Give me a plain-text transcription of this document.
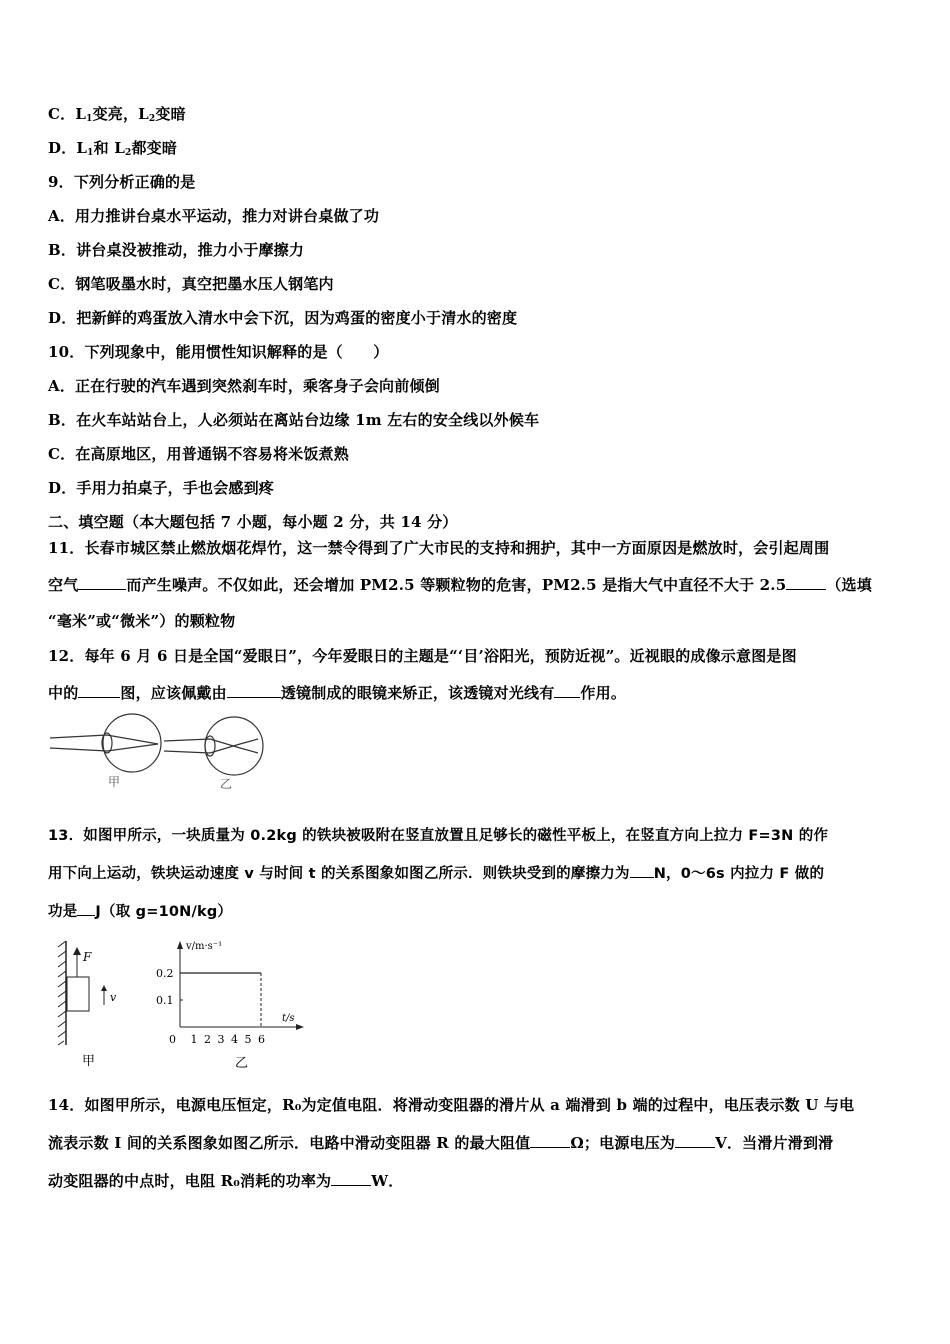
C．$L_1$变亮，$L_2$变暗
D．$L_1$和 $L_2$都变暗
9．下列分析正确的是
A．用力推讲台桌水平运动，推力对讲台桌做了功
B．讲台桌没被推动，推力小于摩擦力
C．钢笔吸墨水时，真空把墨水压人钢笔内
D．把新鲜的鸡蛋放入清水中会下沉，因为鸡蛋的密度小于清水的密度
10．下列现象中，能用惯性知识解释的是（　　）
A．正在行驶的汽车遇到突然刹车时，乘客身子会向前倾倒
B．在火车站站台上，人必须站在离站台边缘 1m 左右的安全线以外候车
C．在高原地区，用普通锅不容易将米饭煮熟
D．手用力拍桌子，手也会感到疼
二、填空题（本大题包括 7 小题，每小题 2 分，共 14 分）
11．长春市城区禁止燃放烟花焊竹，这一禁令得到了广大市民的支持和拥护，其中一方面原因是燃放时，会引起周围
空气	而产生噪声。不仅如此，还会增加 PM2.5 等颗粒物的危害，PM2.5 是指大气中直径不大于 2.5	（选填
“毫米”或“微米”）的颗粒物
12．每年 6 月 6 日是全国“爱眼日”，今年爱眼日的主题是“‘目’浴阳光，预防近视”。近视眼的成像示意图是图
中的	图，应该佩戴由	透镜制成的眼镜来矫正，该透镜对光线有 作用。
甲	乙
13．如图甲所示，一块质量为 0.2kg 的铁块被吸附在竖直放置且足够长的磁性平板上，在竖直方向上拉力 F=3N 的作
用下向上运动，铁块运动速度 v 与时间 t 的关系图象如图乙所示．则铁块受到的摩擦力为 N，0～6s 内拉力 F 做的
功是 J（取 g=10N/kg）
F
v
甲
v/m·s⁻¹
t/s
乙
0 1 2 3 4 5 6
0.1
0.2
14．如图甲所示，电源电压恒定，R₀为定值电阻．将滑动变阻器的滑片从 a 端滑到 b 端的过程中，电压表示数 U 与电
流表示数 I 间的关系图象如图乙所示．电路中滑动变阻器 R 的最大阻值	Ω；电源电压为	V．当滑片滑到滑
动变阻器的中点时，电阻 R₀消耗的功率为	W．
